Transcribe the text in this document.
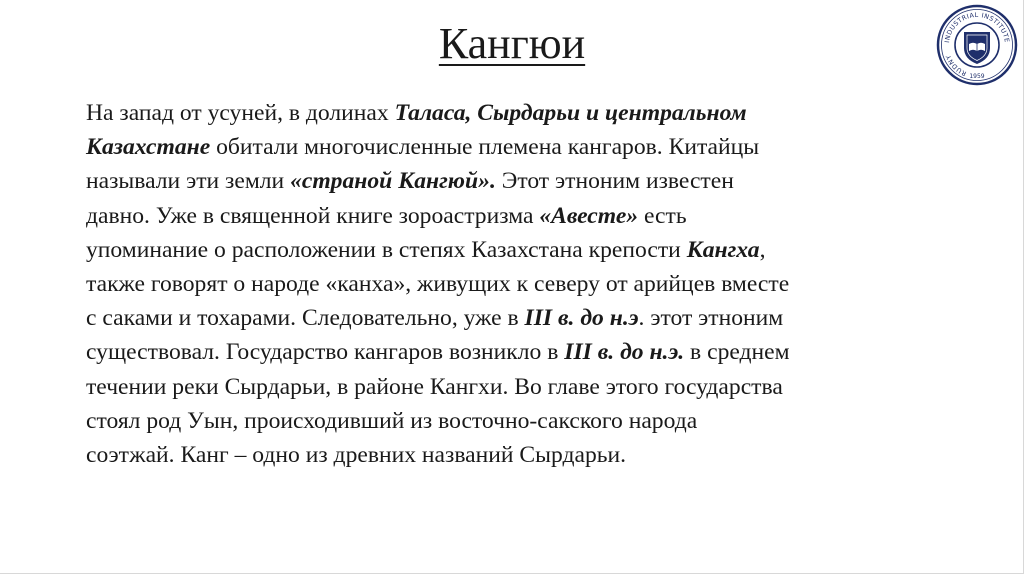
Кангюи
На запад от усуней, в долинах Таласа, Сырдарьи и центральном
Казахстане обитали многочисленные племена кангаров. Китайцы
называли эти земли «страной Кангюй». Этот этноним известен
давно. Уже в священной книге зороастризма «Авесте» есть
упоминание о расположении в степях Казахстана крепости Кангха,
также говорят о народе «канха», живущих к северу от арийцев вместе
с саками и тохарами. Следовательно, уже в III в. до н.э. этот этноним
существовал. Государство кангаров возникло в III в. до н.э. в среднем
течении реки Сырдарьи, в районе Кангхи. Во главе этого государства
стоял род Уын, происходивший из восточно-сакского народа
соэтжай. Канг – одно из древних названий Сырдарьи.
INDUSTRIAL INSTITUTE
RUDNY
1959
